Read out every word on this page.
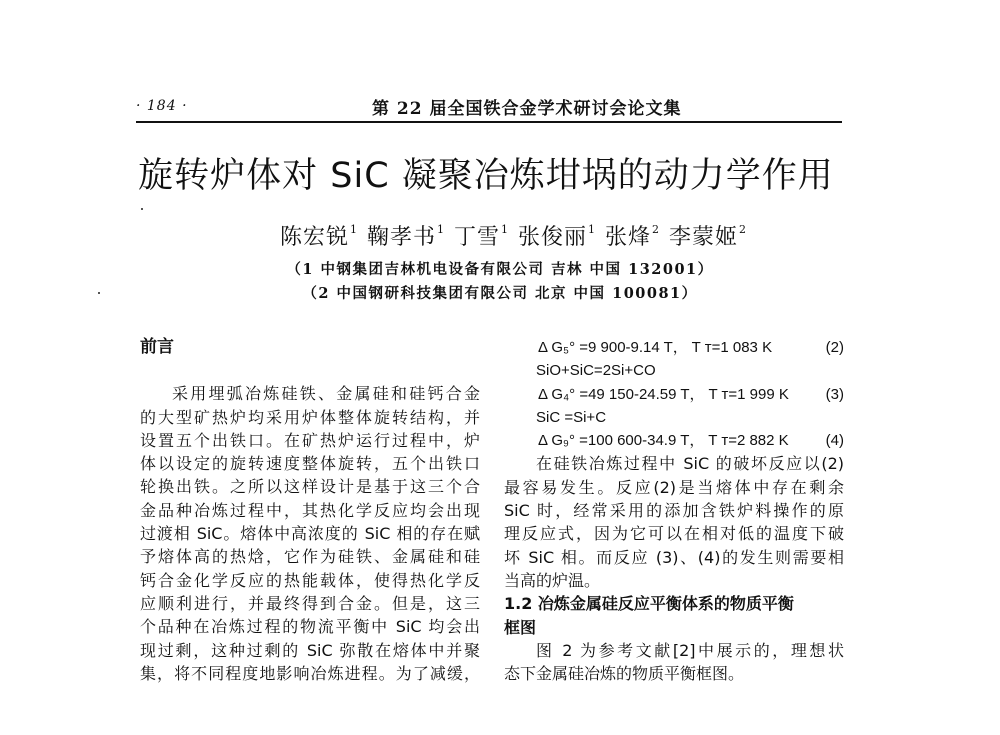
· 184 ·	第 22 届全国铁合金学术研讨会论文集
旋转炉体对 SiC 凝聚冶炼坩埚的动力学作用
陈宏锐$^1$ 鞠孝书$^1$ 丁雪$^1$ 张俊丽$^1$ 张烽$^2$ 李蒙姬$^2$
（1 中钢集团吉林机电设备有限公司 吉林 中国 132001）
（2 中国钢研科技集团有限公司 北京 中国 100081）
前言
采用埋弧冶炼硅铁、金属硅和硅钙合金
的大型矿热炉均采用炉体整体旋转结构，并
设置五个出铁口。在矿热炉运行过程中，炉
体以设定的旋转速度整体旋转，五个出铁口
轮换出铁。之所以这样设计是基于这三个合
金品种冶炼过程中，其热化学反应均会出现
过渡相 SiC。熔体中高浓度的 SiC 相的存在赋
予熔体高的热焓，它作为硅铁、金属硅和硅
钙合金化学反应的热能载体，使得热化学反
应顺利进行，并最终得到合金。但是，这三
个品种在冶炼过程的物流平衡中 SiC 均会出
现过剩，这种过剩的 SiC 弥散在熔体中并聚
集，将不同程度地影响冶炼进程。为了减缓，
Δ G₅° =9 900-9.14 T， T ᴛ=1 083 K	(2)
SiO+SiC=2Si+CO
Δ G₄° =49 150-24.59 T， T ᴛ=1 999 K	(3)
SiC =Si+C
Δ G₉° =100 600-34.9 T， T ᴛ=2 882 K	(4)
在硅铁冶炼过程中 SiC 的破坏反应以(2)
最容易发生。反应(2)是当熔体中存在剩余
SiC 时，经常采用的添加含铁炉料操作的原
理反应式，因为它可以在相对低的温度下破
坏 SiC 相。而反应 (3)、(4)的发生则需要相
当高的炉温。
1.2 冶炼金属硅反应平衡体系的物质平衡
框图
图 2 为参考文献[2]中展示的，理想状
态下金属硅冶炼的物质平衡框图。
